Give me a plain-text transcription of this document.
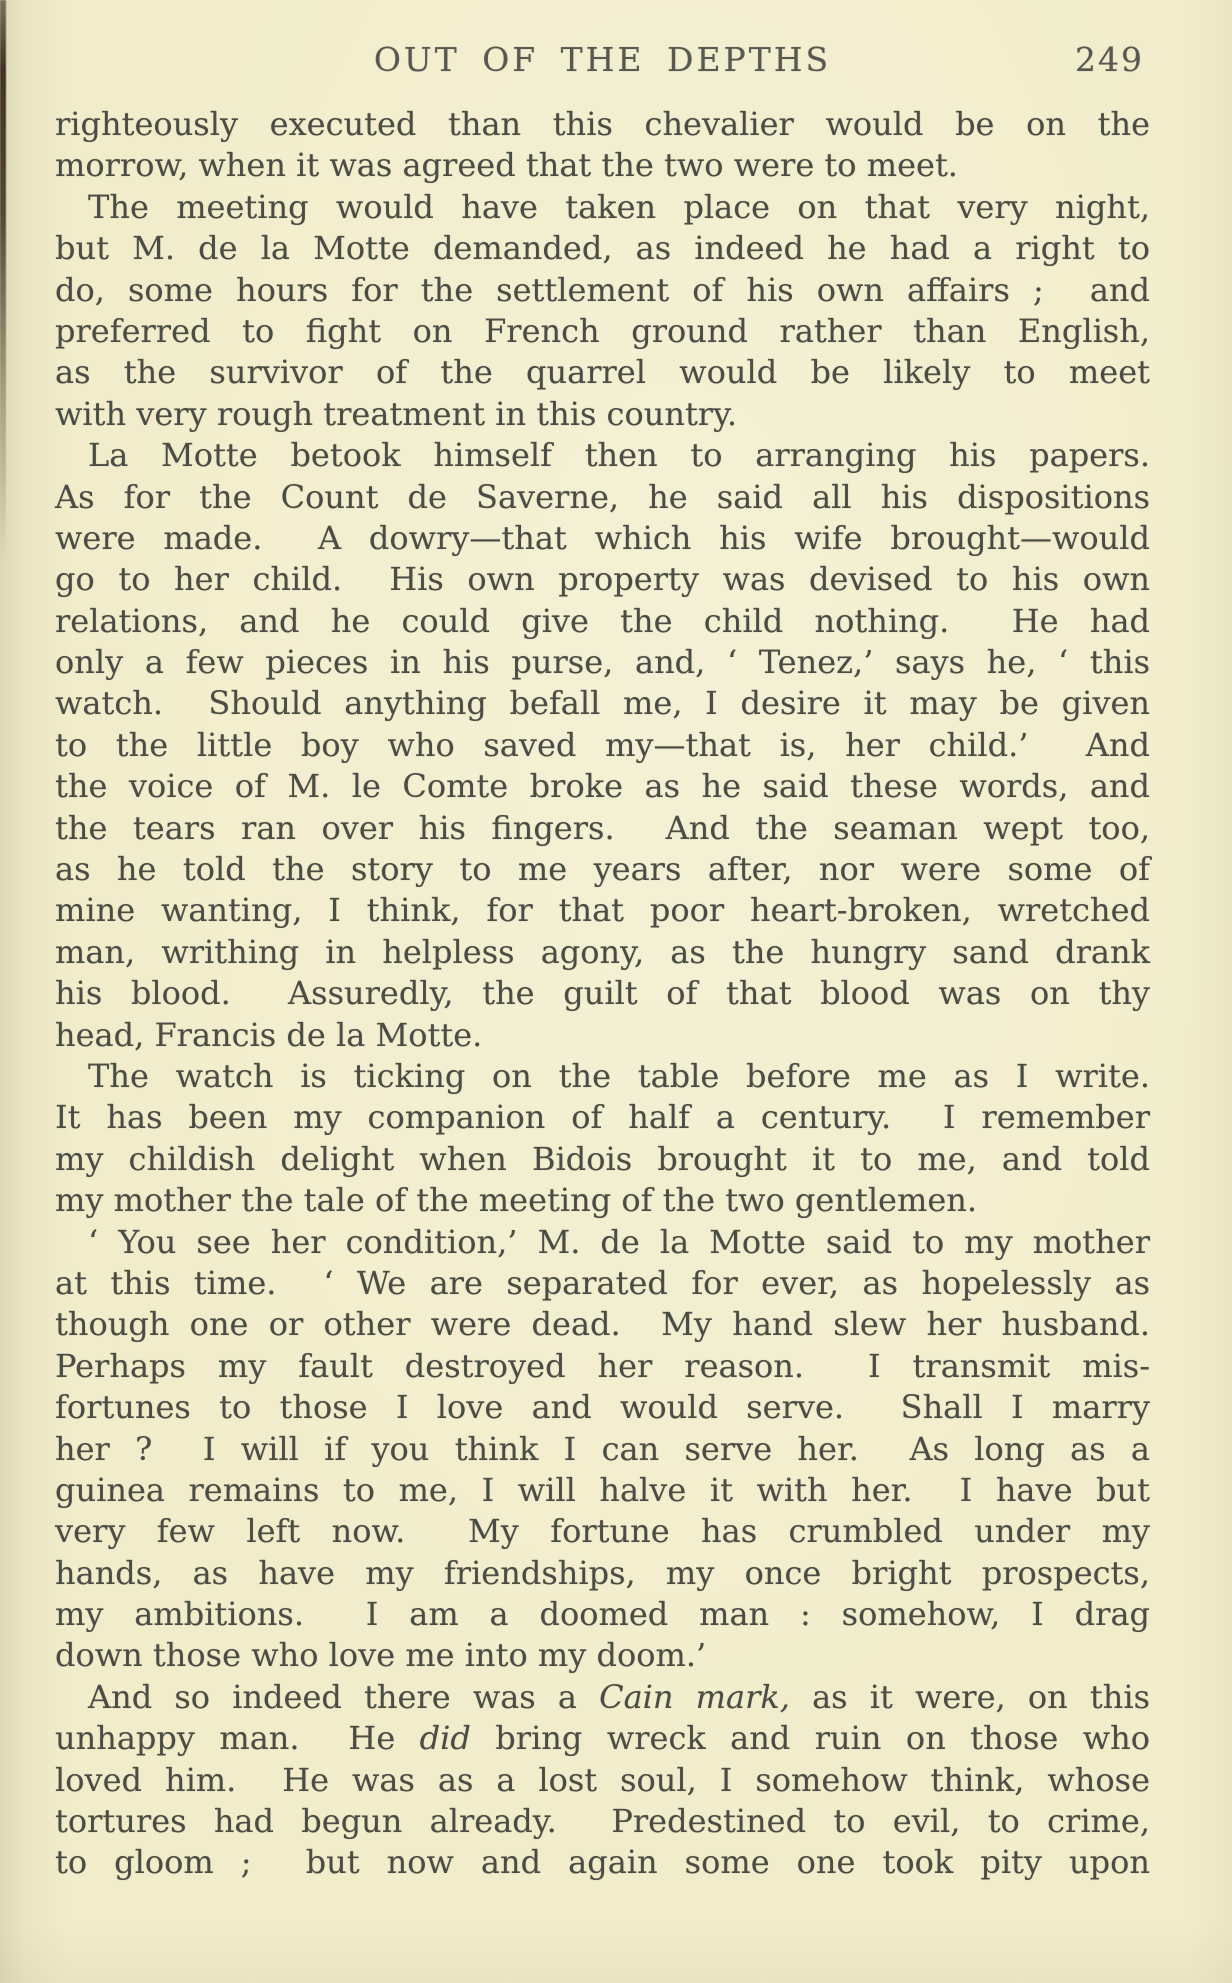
OUT OF THE DEPTHS	249
righteously executed than this chevalier would be on the
morrow, when it was agreed that the two were to meet.
The meeting would have taken place on that very night,
but M. de la Motte demanded, as indeed he had a right to
do, some hours for the settlement of his own affairs ;  and
preferred to fight on French ground rather than English,
as the survivor of the quarrel would be likely to meet
with very rough treatment in this country.
La Motte betook himself then to arranging his papers.
As for the Count de Saverne, he said all his dispositions
were made.  A dowry—that which his wife brought—would
go to her child.  His own property was devised to his own
relations, and he could give the child nothing.  He had
only a few pieces in his purse, and, ‘ Tenez,’ says he, ‘ this
watch.  Should anything befall me, I desire it may be given
to the little boy who saved my—that is, her child.’  And
the voice of M. le Comte broke as he said these words, and
the tears ran over his fingers.  And the seaman wept too,
as he told the story to me years after, nor were some of
mine wanting, I think, for that poor heart-broken, wretched
man, writhing in helpless agony, as the hungry sand drank
his blood.  Assuredly, the guilt of that blood was on thy
head, Francis de la Motte.
The watch is ticking on the table before me as I write.
It has been my companion of half a century.  I remember
my childish delight when Bidois brought it to me, and told
my mother the tale of the meeting of the two gentlemen.
‘ You see her condition,’ M. de la Motte said to my mother
at this time.  ‘ We are separated for ever, as hopelessly as
though one or other were dead.  My hand slew her husband.
Perhaps my fault destroyed her reason.  I transmit mis-
fortunes to those I love and would serve.  Shall I marry
her ?  I will if you think I can serve her.  As long as a
guinea remains to me, I will halve it with her.  I have but
very few left now.  My fortune has crumbled under my
hands, as have my friendships, my once bright prospects,
my ambitions.  I am a doomed man : somehow, I drag
down those who love me into my doom.’
And so indeed there was a Cain mark, as it were, on this
unhappy man.  He did bring wreck and ruin on those who
loved him.  He was as a lost soul, I somehow think, whose
tortures had begun already.  Predestined to evil, to crime,
to gloom ;  but now and again some one took pity upon
